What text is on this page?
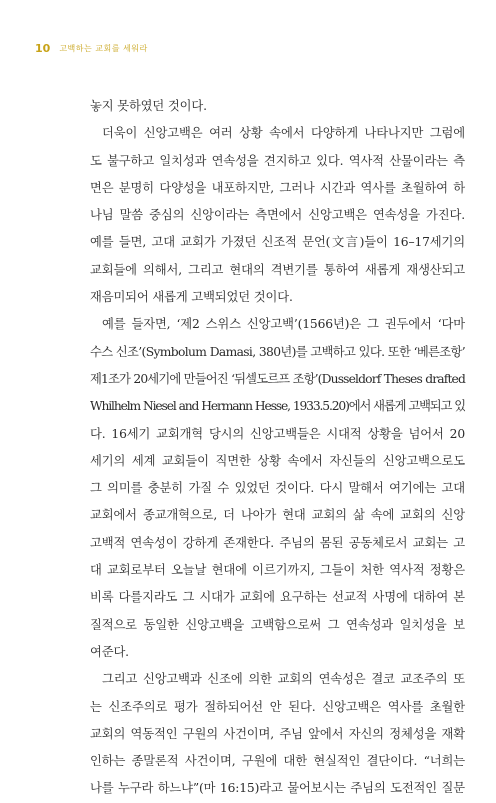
10 고백하는 교회를 세워라
놓지 못하였던 것이다.
더욱이 신앙고백은 여러 상황 속에서 다양하게 나타나지만 그럼에
도 불구하고 일치성과 연속성을 견지하고 있다. 역사적 산물이라는 측
면은 분명히 다양성을 내포하지만, 그러나 시간과 역사를 초월하여 하
나님 말씀 중심의 신앙이라는 측면에서 신앙고백은 연속성을 가진다.
예를 들면, 고대 교회가 가졌던 신조적 문언(文言)들이 16–17세기의
교회들에 의해서, 그리고 현대의 격변기를 통하여 새롭게 재생산되고
재음미되어 새롭게 고백되었던 것이다.
예를 들자면, ‘제2 스위스 신앙고백’(1566년)은 그 권두에서 ‘다마
수스 신조’(Symbolum Damasi, 380년)를 고백하고 있다. 또한 ‘베른조항’
제1조가 20세기에 만들어진 ‘뒤셀도르프 조항’(Dusseldorf Theses drafted
Whilhelm Niesel and Hermann Hesse, 1933.5.20)에서 새롭게 고백되고 있
다. 16세기 교회개혁 당시의 신앙고백들은 시대적 상황을 넘어서 20
세기의 세계 교회들이 직면한 상황 속에서 자신들의 신앙고백으로도
그 의미를 충분히 가질 수 있었던 것이다. 다시 말해서 여기에는 고대
교회에서 종교개혁으로, 더 나아가 현대 교회의 삶 속에 교회의 신앙
고백적 연속성이 강하게 존재한다. 주님의 몸된 공동체로서 교회는 고
대 교회로부터 오늘날 현대에 이르기까지, 그들이 처한 역사적 정황은
비록 다를지라도 그 시대가 교회에 요구하는 선교적 사명에 대하여 본
질적으로 동일한 신앙고백을 고백함으로써 그 연속성과 일치성을 보
여준다.
그리고 신앙고백과 신조에 의한 교회의 연속성은 결코 교조주의 또
는 신조주의로 평가 절하되어선 안 된다. 신앙고백은 역사를 초월한
교회의 역동적인 구원의 사건이며, 주님 앞에서 자신의 정체성을 재확
인하는 종말론적 사건이며, 구원에 대한 현실적인 결단이다. “너희는
나를 누구라 하느냐”(마 16:15)라고 물어보시는 주님의 도전적인 질문
